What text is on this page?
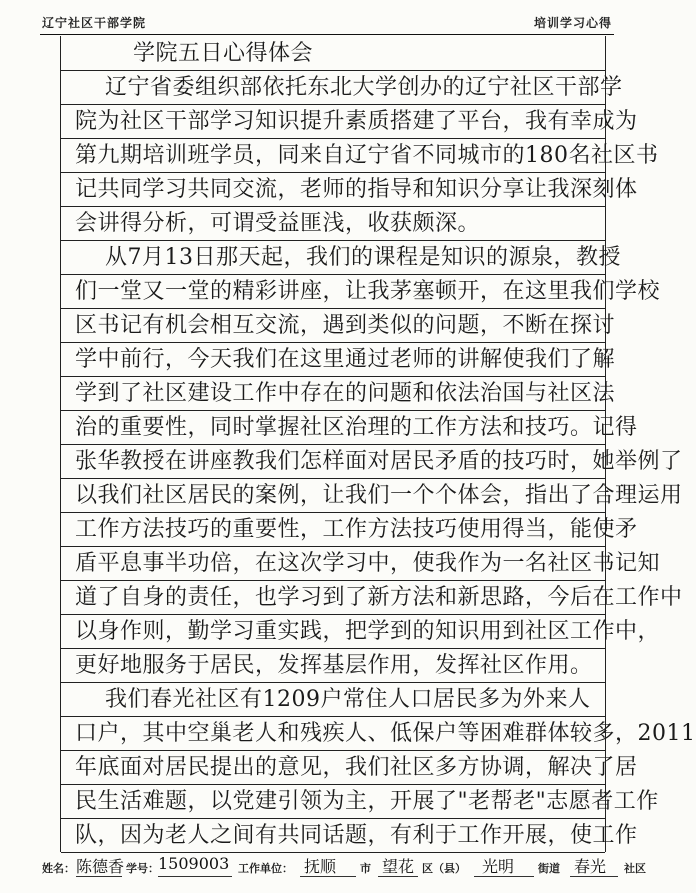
辽宁社区干部学院	培训学习心得
学院五日心得体会
辽宁省委组织部依托东北大学创办的辽宁社区干部学
院为社区干部学习知识提升素质搭建了平台，我有幸成为
第九期培训班学员，同来自辽宁省不同城市的180名社区书
记共同学习共同交流，老师的指导和知识分享让我深刻体
会讲得分析，可谓受益匪浅，收获颇深。
从7月13日那天起，我们的课程是知识的源泉，教授
们一堂又一堂的精彩讲座，让我茅塞顿开，在这里我们学校
区书记有机会相互交流，遇到类似的问题，不断在探讨
学中前行，今天我们在这里通过老师的讲解使我们了解
学到了社区建设工作中存在的问题和依法治国与社区法
治的重要性，同时掌握社区治理的工作方法和技巧。记得
张华教授在讲座教我们怎样面对居民矛盾的技巧时，她举例了
以我们社区居民的案例，让我们一个个体会，指出了合理运用
工作方法技巧的重要性，工作方法技巧使用得当，能使矛
盾平息事半功倍，在这次学习中，使我作为一名社区书记知
道了自身的责任，也学习到了新方法和新思路，今后在工作中
以身作则，勤学习重实践，把学到的知识用到社区工作中，
更好地服务于居民，发挥基层作用，发挥社区作用。
我们春光社区有1209户常住人口居民多为外来人
口户，其中空巢老人和残疾人、低保户等困难群体较多，2011
年底面对居民提出的意见，我们社区多方协调，解决了居
民生活难题，以党建引领为主，开展了"老帮老"志愿者工作
队，因为老人之间有共同话题，有利于工作开展，使工作
姓名： 陈德香 学号： 1509003 工作单位： 抚顺 市 望花 区（县） 光明 街道 春光 社区
